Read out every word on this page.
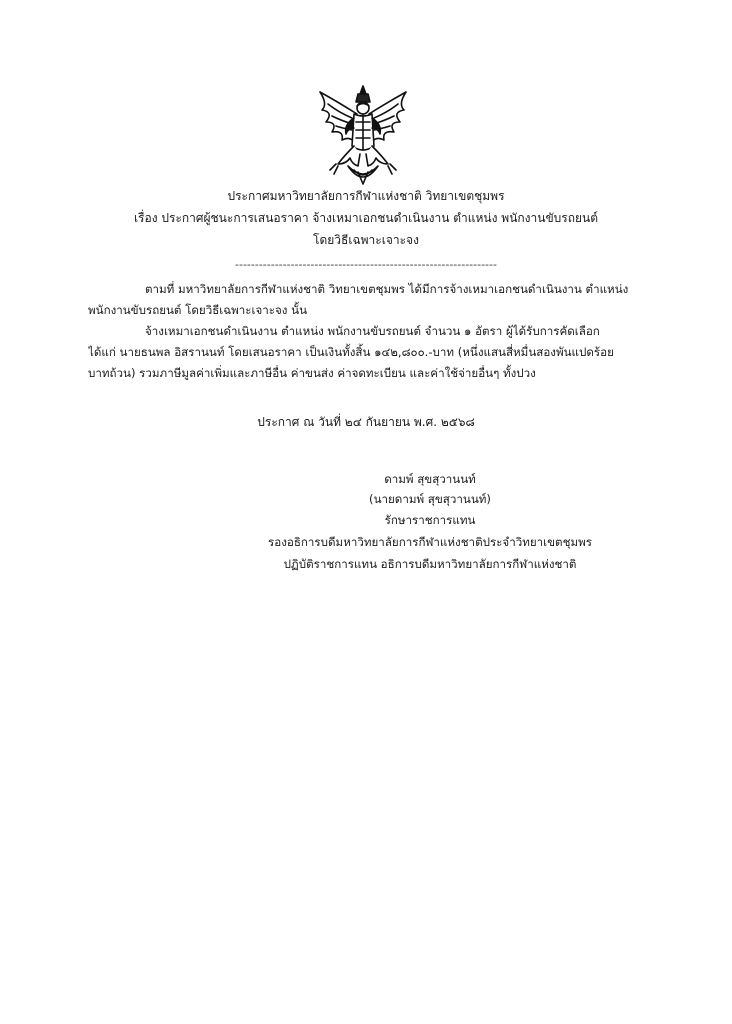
ประกาศมหาวิทยาลัยการกีฬาแห่งชาติ วิทยาเขตชุมพร
เรื่อง ประกาศผู้ชนะการเสนอราคา จ้างเหมาเอกชนดำเนินงาน ตำแหน่ง พนักงานขับรถยนต์
โดยวิธีเฉพาะเจาะจง
------------------------------------------------------------------
ตามที่ มหาวิทยาลัยการกีฬาแห่งชาติ วิทยาเขตชุมพร ได้มีการจ้างเหมาเอกชนดำเนินงาน ตำแหน่ง
พนักงานขับรถยนต์ โดยวิธีเฉพาะเจาะจง นั้น
จ้างเหมาเอกชนดำเนินงาน ตำแหน่ง พนักงานขับรถยนต์ จำนวน ๑ อัตรา ผู้ได้รับการคัดเลือก
ได้แก่ นายธนพล อิสรานนท์ โดยเสนอราคา เป็นเงินทั้งสิ้น ๑๔๒,๘๐๐.-บาท (หนึ่งแสนสี่หมื่นสองพันแปดร้อย
บาทถ้วน) รวมภาษีมูลค่าเพิ่มและภาษีอื่น ค่าขนส่ง ค่าจดทะเบียน และค่าใช้จ่ายอื่นๆ ทั้งปวง
ประกาศ ณ วันที่ ๒๔ กันยายน พ.ศ. ๒๕๖๘
ดามพ์ สุขสุวานนท์
(นายดามพ์ สุขสุวานนท์)
รักษาราชการแทน
รองอธิการบดีมหาวิทยาลัยการกีฬาแห่งชาติประจำวิทยาเขตชุมพร
ปฏิบัติราชการแทน อธิการบดีมหาวิทยาลัยการกีฬาแห่งชาติ
